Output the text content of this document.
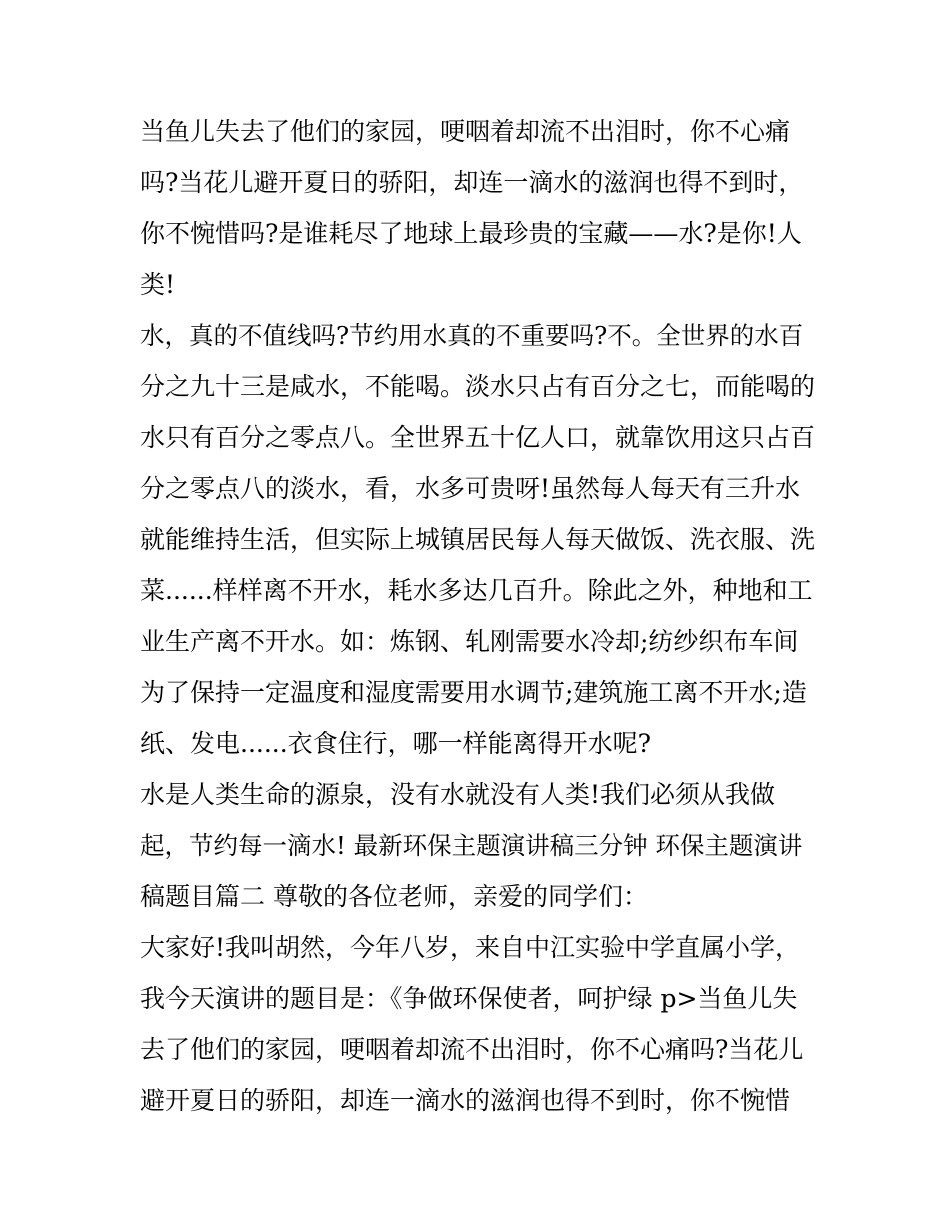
当鱼儿失去了他们的家园，哽咽着却流不出泪时，你不心痛
吗?当花儿避开夏日的骄阳，却连一滴水的滋润也得不到时，
你不惋惜吗?是谁耗尽了地球上最珍贵的宝藏——水?是你!人
类!
水，真的不值线吗?节约用水真的不重要吗?不。全世界的水百
分之九十三是咸水，不能喝。淡水只占有百分之七，而能喝的
水只有百分之零点八。全世界五十亿人口，就靠饮用这只占百
分之零点八的淡水，看，水多可贵呀!虽然每人每天有三升水
就能维持生活，但实际上城镇居民每人每天做饭、洗衣服、洗
菜......样样离不开水，耗水多达几百升。除此之外，种地和工
业生产离不开水。如：炼钢、轧刚需要水冷却;纺纱织布车间
为了保持一定温度和湿度需要用水调节;建筑施工离不开水;造
纸、发电......衣食住行，哪一样能离得开水呢?
水是人类生命的源泉，没有水就没有人类!我们必须从我做
起，节约每一滴水! 最新环保主题演讲稿三分钟 环保主题演讲
稿题目篇二 尊敬的各位老师，亲爱的同学们：
大家好!我叫胡然，今年八岁，来自中江实验中学直属小学，
我今天演讲的题目是：《争做环保使者，呵护绿 p>当鱼儿失
去了他们的家园，哽咽着却流不出泪时，你不心痛吗?当花儿
避开夏日的骄阳，却连一滴水的滋润也得不到时，你不惋惜
